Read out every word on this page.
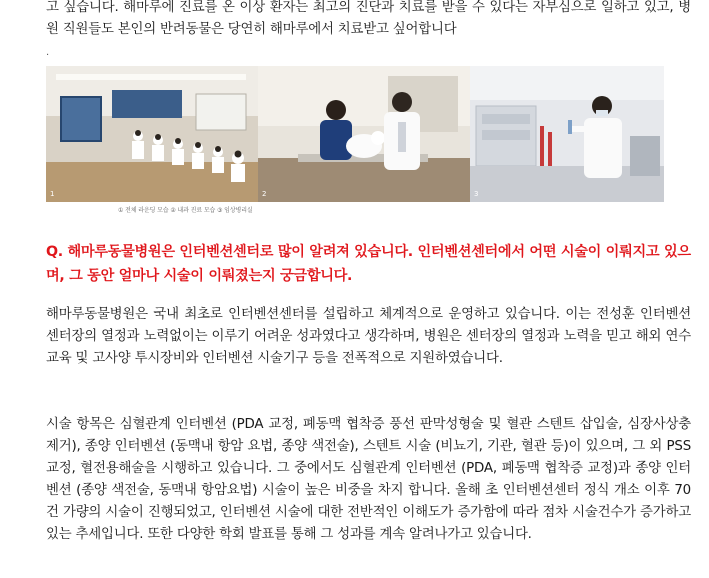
고 싶습니다. 해마루에 진료를 온 이상 환자는 최고의 진단과 치료를 받을 수 있다는 자부심으로 일하고 있고, 병원 직원들도 본인의 반려동물은 당연히 해마루에서 치료받고 싶어합니다
.
1	2	3
① 전체 라운딩 모습 ② 내과 진료 모습 ③ 임상병리실
Q. 해마루동물병원은 인터벤션센터로 많이 알려져 있습니다. 인터벤션센터에서 어떤 시술이 이뤄지고 있으며, 그 동안 얼마나 시술이 이뤄졌는지 궁금합니다.
해마루동물병원은 국내 최초로 인터벤션센터를 설립하고 체계적으로 운영하고 있습니다. 이는 전성훈 인터벤션 센터장의 열정과 노력없이는 이루기 어려운 성과였다고 생각하며, 병원은 센터장의 열정과 노력을 믿고 해외 연수교육 및 고사양 투시장비와 인터벤션 시술기구 등을 전폭적으로 지원하였습니다.
시술 항목은 심혈관계 인터벤션 (PDA 교정, 폐동맥 협착증 풍선 판막성형술 및 혈관 스텐트 삽입술, 심장사상충 제거), 종양 인터벤션 (동맥내 항암 요법, 종양 색전술), 스텐트 시술 (비뇨기, 기관, 혈관 등)이 있으며, 그 외 PSS 교정, 혈전용해술을 시행하고 있습니다. 그 중에서도 심혈관계 인터벤션 (PDA, 폐동맥 협착증 교정)과 종양 인터벤션 (종양 색전술, 동맥내 항암요법) 시술이 높은 비중을 차지 합니다. 올해 초 인터벤션센터 정식 개소 이후 70건 가량의 시술이 진행되었고, 인터벤션 시술에 대한 전반적인 이해도가 증가함에 따라 점차 시술건수가 증가하고 있는 추세입니다. 또한 다양한 학회 발표를 통해 그 성과를 계속 알려나가고 있습니다.
